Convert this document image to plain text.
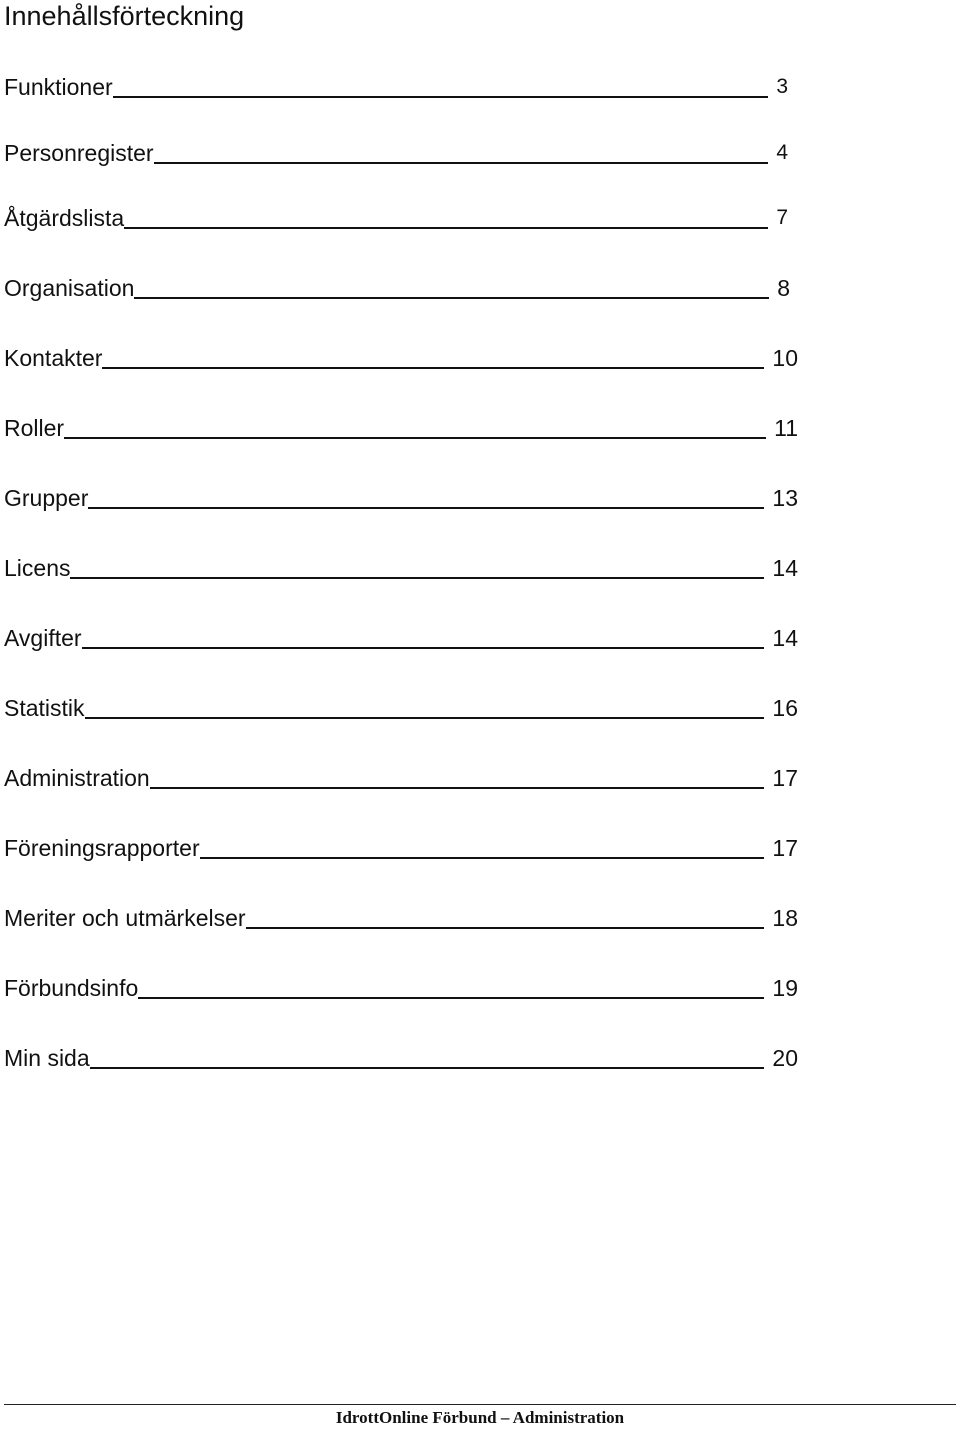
Innehållsförteckning
Funktioner	3
Personregister	4
Åtgärdslista	7
Organisation	8
Kontakter	10
Roller	11
Grupper	13
Licens	14
Avgifter	14
Statistik	16
Administration	17
Föreningsrapporter	17
Meriter och utmärkelser	18
Förbundsinfo	19
Min sida	20
IdrottOnline Förbund – Administration
